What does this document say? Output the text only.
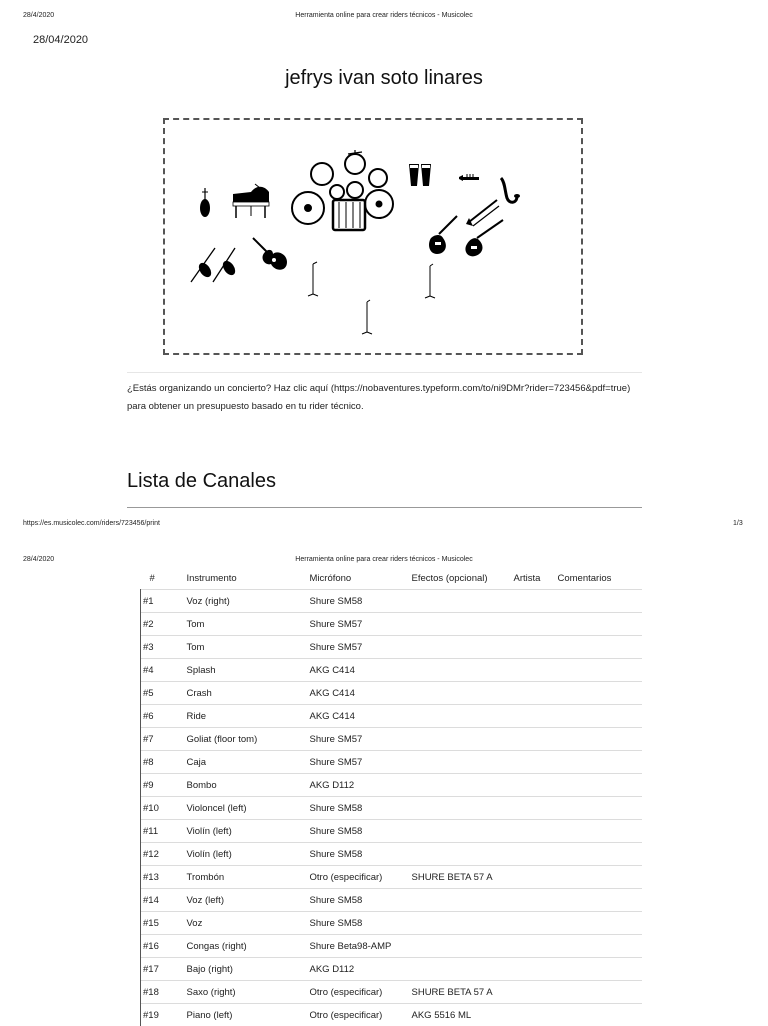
28/4/2020	Herramienta online para crear riders técnicos - Musicolec
28/04/2020
jefrys ivan soto linares
¿Estás organizando un concierto? Haz clic aquí (https://nobaventures.typeform.com/to/ni9DMr?rider=723456&pdf=true) para obtener un presupuesto basado en tu rider técnico.
Lista de Canales
https://es.musicolec.com/riders/723456/print	1/3
28/4/2020	Herramienta online para crear riders técnicos - Musicolec
#	Instrumento	Micrófono	Efectos (opcional)	Artista	Comentarios
#1	Voz (right)	Shure SM58			
#2	Tom	Shure SM57			
#3	Tom	Shure SM57			
#4	Splash	AKG C414			
#5	Crash	AKG C414			
#6	Ride	AKG C414			
#7	Goliat (floor tom)	Shure SM57			
#8	Caja	Shure SM57			
#9	Bombo	AKG D112			
#10	Violoncel (left)	Shure SM58			
#11	Violín (left)	Shure SM58			
#12	Violín (left)	Shure SM58			
#13	Trombón	Otro (especificar)	SHURE BETA 57 A		
#14	Voz (left)	Shure SM58			
#15	Voz	Shure SM58			
#16	Congas (right)	Shure Beta98-AMP			
#17	Bajo (right)	AKG D112			
#18	Saxo (right)	Otro (especificar)	SHURE BETA 57 A		
#19	Piano (left)	Otro (especificar)	AKG 5516 ML		
